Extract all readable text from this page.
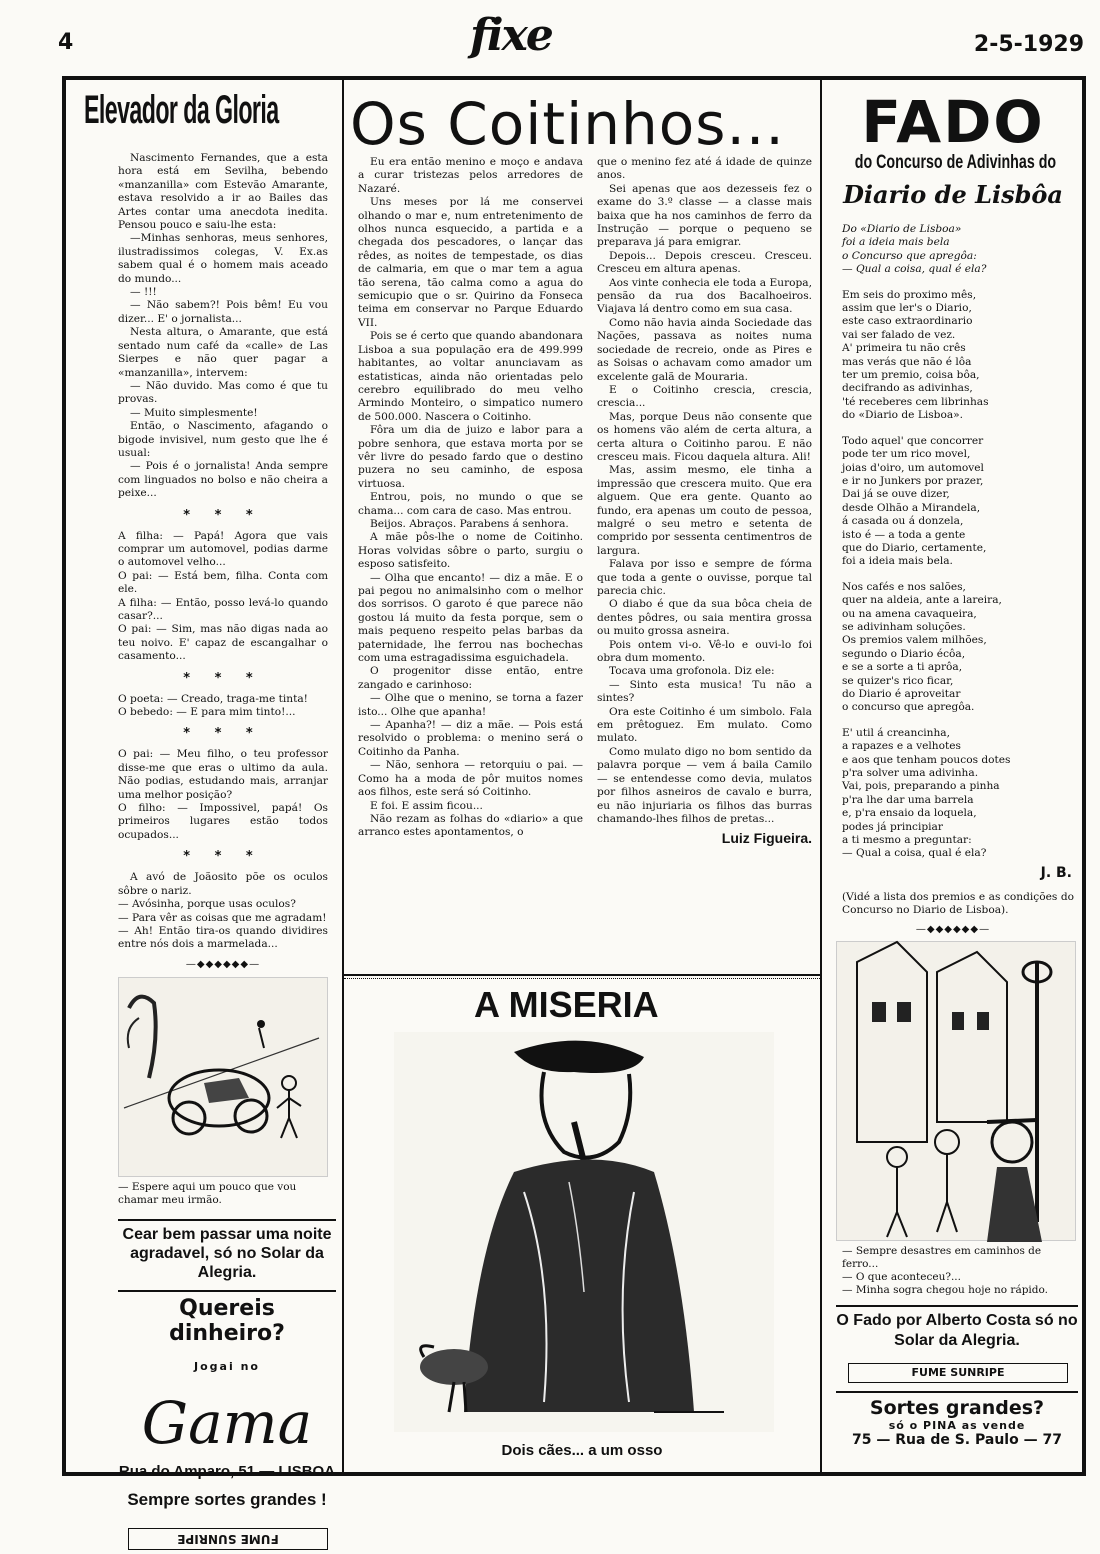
4	fixe	2-5-1929
Elevador da Gloria

Nascimento Fernandes, que a esta hora está em Sevilha, bebendo «manzanilla» com Estevão Amarante, estava resolvido a ir ao Bailes das Artes contar uma anecdota inedita. Pensou pouco e saiu-lhe esta:

—Minhas senhoras, meus senhores, ilustradissimos colegas, V. Ex.as sabem qual é o homem mais aceado do mundo...

— !!!

— Não sabem?! Pois bêm! Eu vou dizer... E' o jornalista...

Nesta altura, o Amarante, que está sentado num café da «calle» de Las Sierpes e não quer pagar a «manzanilla», intervem:

— Não duvido. Mas como é que tu provas.

— Muito simplesmente!

Então, o Nascimento, afagando o bigode invisivel, num gesto que lhe é usual:

— Pois é o jornalista! Anda sempre com linguados no bolso e não cheira a peixe...

* * *

A filha: — Papá! Agora que vais comprar um automovel, podias darme o automovel velho...

O pai: — Está bem, filha. Conta com ele.

A filha: — Então, posso levá-lo quando casar?...

O pai: — Sim, mas não digas nada ao teu noivo. E' capaz de escangalhar o casamento...

* * *

O poeta: — Creado, traga-me tinta!

O bebedo: — E para mim tinto!...

* * *

O pai: — Meu filho, o teu professor disse-me que eras o ultimo da aula. Não podias, estudando mais, arranjar uma melhor posição?

O filho: — Impossivel, papá! Os primeiros lugares estão todos ocupados...

* * *

A avó de Joãosito põe os oculos sôbre o nariz.

— Avósinha, porque usas oculos?

— Para vêr as coisas que me agradam!

— Ah! Então tira-os quando dividires entre nós dois a marmelada...

—◆◆◆◆◆◆—
— Espere aqui um pouco que vou chamar meu irmão.
Cear bem passar uma noite agradavel, só no Solar da Alegria.
Quereis dinheiro?
Jogai no
Gama
Rua do Amparo, 51 — LISBOA
Sempre sortes grandes !
FUME SUNRIPE
Os Coitinhos...

Eu era então menino e moço e andava a curar tristezas pelos arredores de Nazaré.

Uns meses por lá me conservei olhando o mar e, num entretenimento de olhos nunca esquecido, a partida e a chegada dos pescadores, o lançar das rêdes, as noites de tempestade, os dias de calmaria, em que o mar tem a agua tão serena, tão calma como a agua do semicupio que o sr. Quirino da Fonseca teima em conservar no Parque Eduardo VII.

Pois se é certo que quando abandonara Lisboa a sua população era de 499.999 habitantes, ao voltar anunciavam as estatisticas, ainda não orientadas pelo cerebro equilibrado do meu velho Armindo Monteiro, o simpatico numero de 500.000. Nascera o Coitinho.

Fôra um dia de juizo e labor para a pobre senhora, que estava morta por se vêr livre do pesado fardo que o destino puzera no seu caminho, de esposa virtuosa.

Entrou, pois, no mundo o que se chama... com cara de caso. Mas entrou.

Beijos. Abraços. Parabens á senhora.

A mãe pôs-lhe o nome de Coitinho. Horas volvidas sôbre o parto, surgiu o esposo satisfeito.

— Olha que encanto! — diz a mãe. E o pai pegou no animalsinho com o melhor dos sorrisos. O garoto é que parece não gostou lá muito da festa porque, sem o mais pequeno respeito pelas barbas da paternidade, lhe ferrou nas bochechas com uma estragadissima esguichadela.

O progenitor disse então, entre zangado e carinhoso:

— Olhe que o menino, se torna a fazer isto... Olhe que apanha!

— Apanha?! — diz a mãe. — Pois está resolvido o problema: o menino será o Coitinho da Panha.

— Não, senhora — retorquiu o pai. — Como ha a moda de pôr muitos nomes aos filhos, este será só Coitinho.

E foi. E assim ficou...

Não rezam as folhas do «diario» a que arranco estes apontamentos, o

que o menino fez até á idade de quinze anos.

Sei apenas que aos dezesseis fez o exame do 3.º classe — a classe mais baixa que ha nos caminhos de ferro da Instrução — porque o pequeno se preparava já para emigrar.

Depois... Depois cresceu. Cresceu. Cresceu em altura apenas.

Aos vinte conhecia ele toda a Europa, pensão da rua dos Bacalhoeiros. Viajava lá dentro como em sua casa.

Como não havia ainda Sociedade das Nações, passava as noites numa sociedade de recreio, onde as Pires e as Soisas o achavam como amador um excelente galã de Mouraria.

E o Coitinho crescia, crescia, crescia...

Mas, porque Deus não consente que os homens vão além de certa altura, a certa altura o Coitinho parou. E não cresceu mais. Ficou daquela altura. Ali!

Mas, assim mesmo, ele tinha a impressão que crescera muito. Que era alguem. Que era gente. Quanto ao fundo, era apenas um couto de pessoa, malgré o seu metro e setenta de comprido por sessenta centimentros de largura.

Falava por isso e sempre de fórma que toda a gente o ouvisse, porque tal parecia chic.

O diabo é que da sua bôca cheia de dentes pôdres, ou saia mentira grossa ou muito grossa asneira.

Pois ontem vi-o. Vê-lo e ouvi-lo foi obra dum momento.

Tocava uma grofonola. Diz ele:

— Sinto esta musica! Tu não a sintes?

Ora este Coitinho é um simbolo. Fala em prêtoguez. Em mulato. Como mulato.

Como mulato digo no bom sentido da palavra porque — vem á baila Camilo — se entendesse como devia, mulatos por filhos asneiros de cavalo e burra, eu não injuriaria os filhos das burras chamando-lhes filhos de pretas...

Luiz Figueira.
A MISERIA
Dois cães... a um osso
FADO
do Concurso de Adivinhas do
Diario de Lisbôa

Do «Diario de Lisboa»

foi a ideia mais bela

o Concurso que apregôa:

— Qual a coisa, qual é ela?

Em seis do proximo mês,

assim que ler's o Diario,

este caso extraordinario

vai ser falado de vez.

A' primeira tu não crês

mas verás que não é lôa

ter um premio, coisa bôa,

decifrando as adivinhas,

'té receberes cem librinhas

do «Diario de Lisboa».

Todo aquel' que concorrer

pode ter um rico movel,

joias d'oiro, um automovel

e ir no Junkers por prazer,

Dai já se ouve dizer,

desde Olhão a Mirandela,

á casada ou á donzela,

isto é — a toda a gente

que do Diario, certamente,

foi a ideia mais bela.

Nos cafés e nos salões,

quer na aldeia, ante a lareira,

ou na amena cavaqueira,

se adivinham soluções.

Os premios valem milhões,

segundo o Diario écôa,

e se a sorte a ti aprôa,

se quizer's rico ficar,

do Diario é aproveitar

o concurso que apregôa.

E' util á creancinha,

a rapazes e a velhotes

e aos que tenham poucos dotes

p'ra solver uma adivinha.

Vai, pois, preparando a pinha

p'ra lhe dar uma barrela

e, p'ra ensaio da loquela,

podes já principiar

a ti mesmo a preguntar:

— Qual a coisa, qual é ela?

J. B.
(Vidé a lista dos premios e as condições do Concurso no Diario de Lisboa).
—◆◆◆◆◆◆—
— Sempre desastres em caminhos de ferro...
— O que aconteceu?...
— Minha sogra chegou hoje no rápido.
O Fado por Alberto Costa só no Solar da Alegria.
FUME SUNRIPE
Sortes grandes?
só o PINA as vende
75 — Rua de S. Paulo — 77
